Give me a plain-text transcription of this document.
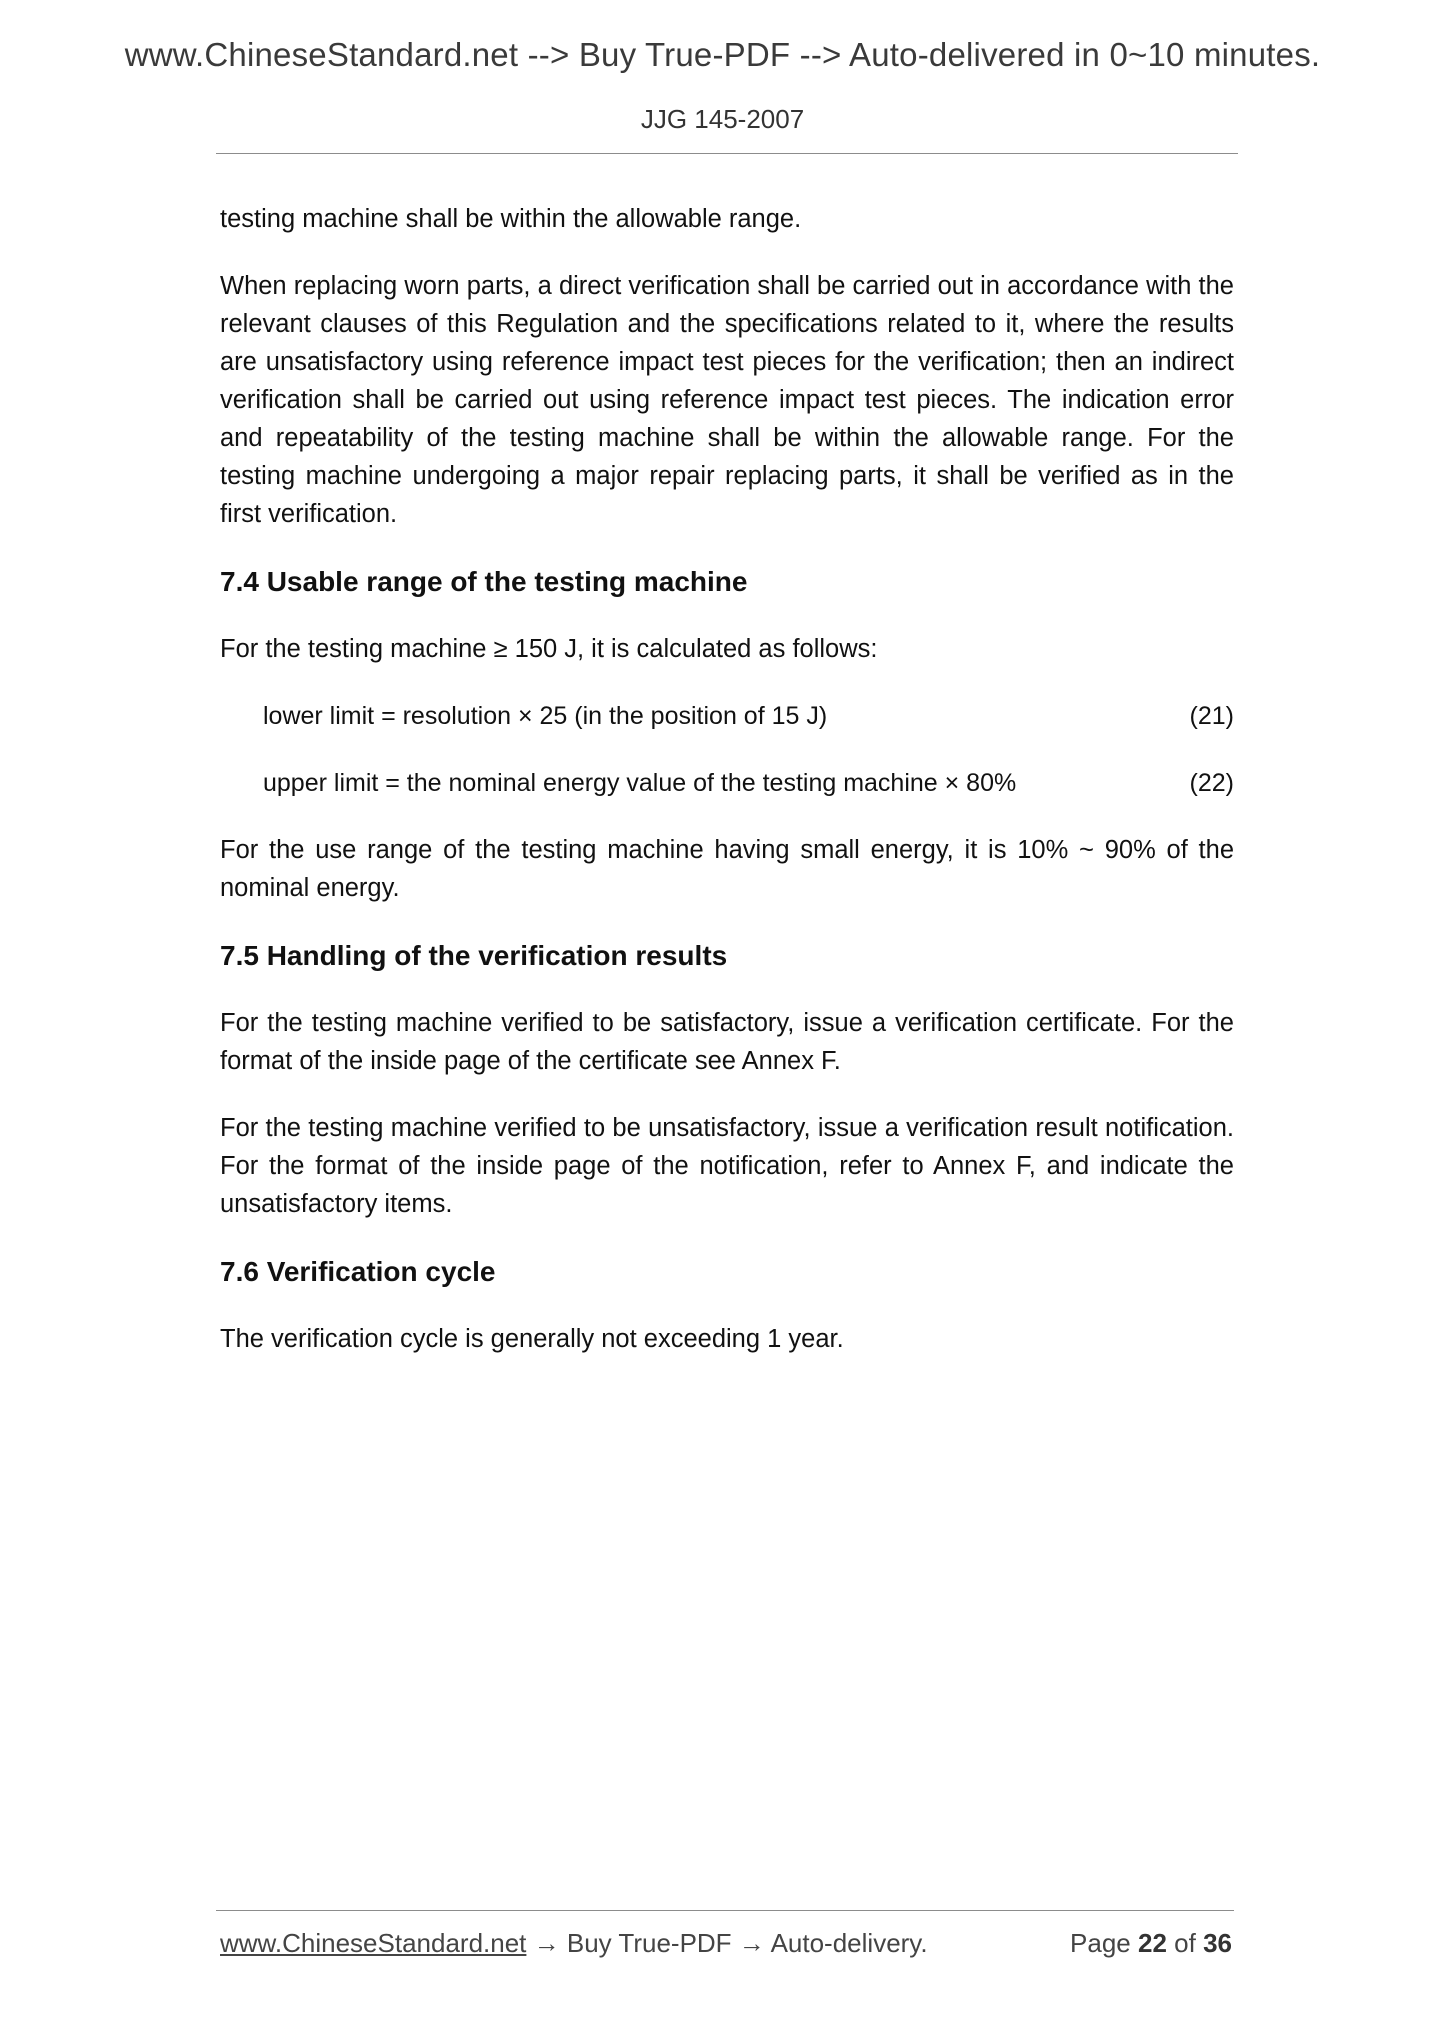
www.ChineseStandard.net --> Buy True-PDF --> Auto-delivered in 0~10 minutes.
JJG 145-2007

testing machine shall be within the allowable range.

When replacing worn parts, a direct verification shall be carried out in accordance with the relevant clauses of this Regulation and the specifications related to it, where the results are unsatisfactory using reference impact test pieces for the verification; then an indirect verification shall be carried out using reference impact test pieces. The indication error and repeatability of the testing machine shall be within the allowable range. For the testing machine undergoing a major repair replacing parts, it shall be verified as in the first verification.

7.4 Usable range of the testing machine

For the testing machine ≥ 150 J, it is calculated as follows:

lower limit = resolution × 25 (in the position of 15 J)	(21)
upper limit = the nominal energy value of the testing machine × 80%	(22)

For the use range of the testing machine having small energy, it is 10% ~ 90% of the nominal energy.

7.5 Handling of the verification results

For the testing machine verified to be satisfactory, issue a verification certificate. For the format of the inside page of the certificate see Annex F.

For the testing machine verified to be unsatisfactory, issue a verification result notification. For the format of the inside page of the notification, refer to Annex F, and indicate the unsatisfactory items.

7.6 Verification cycle

The verification cycle is generally not exceeding 1 year.

www.ChineseStandard.net → Buy True-PDF → Auto-delivery.	Page 22 of 36
